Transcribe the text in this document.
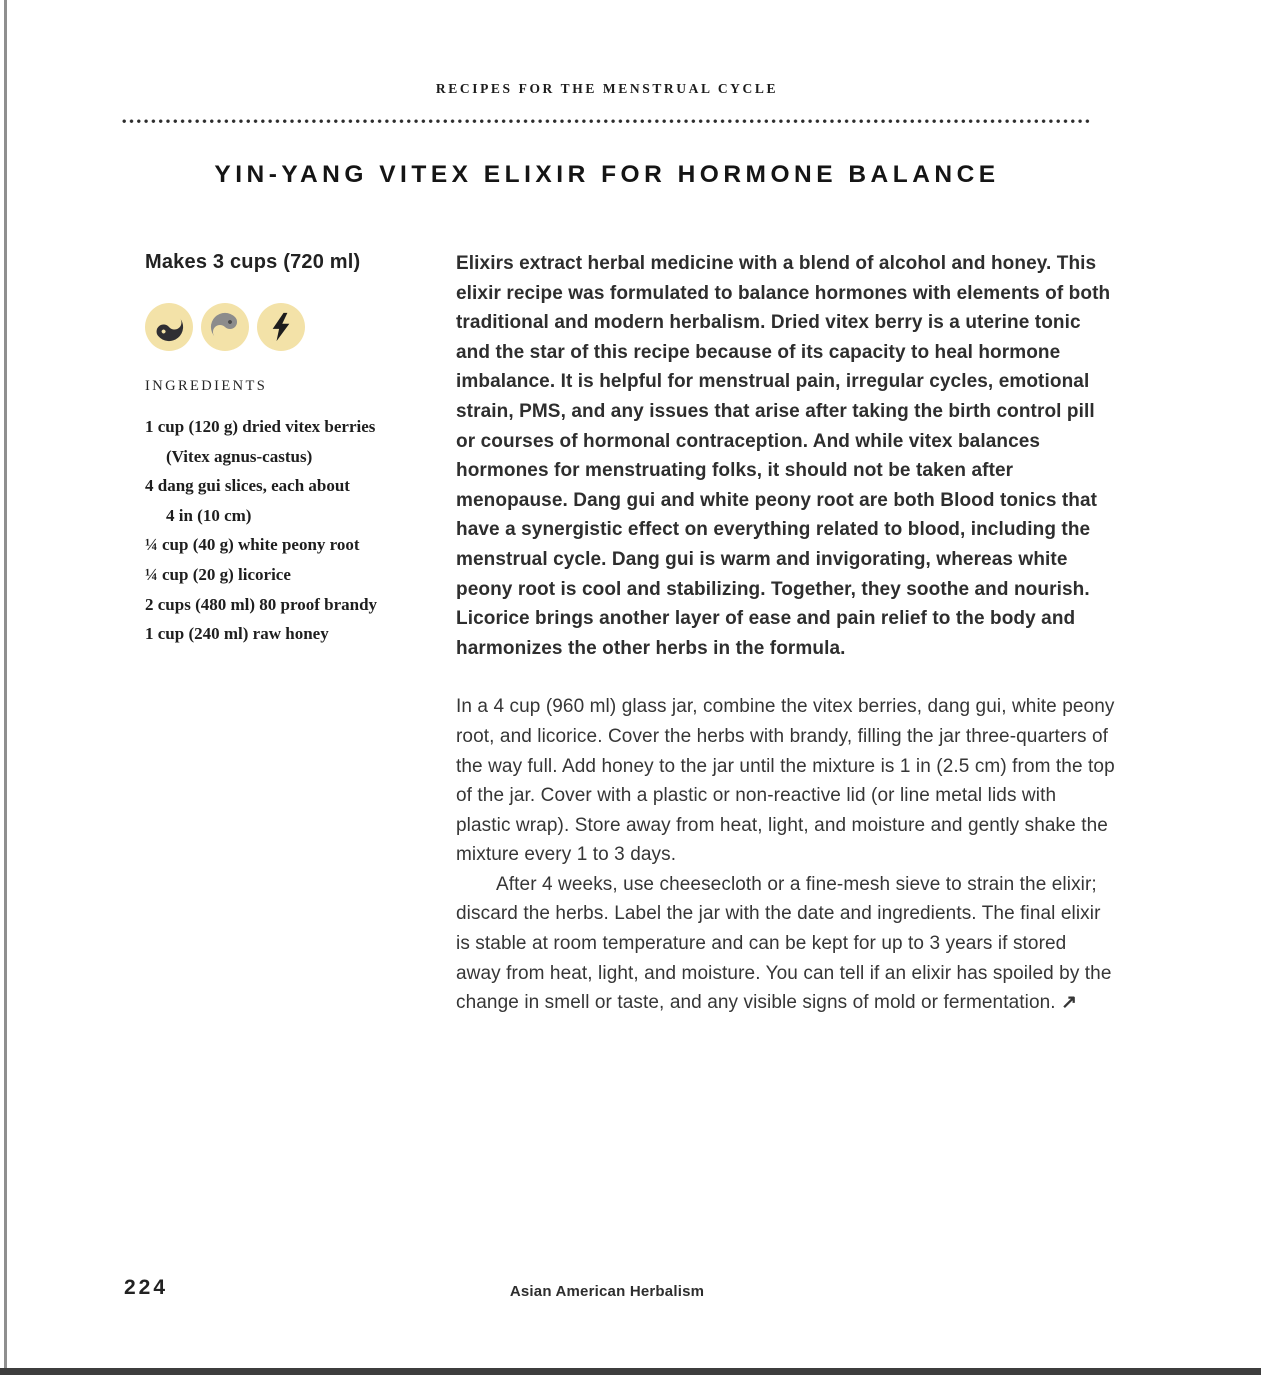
RECIPES FOR THE MENSTRUAL CYCLE
YIN-YANG VITEX ELIXIR FOR HORMONE BALANCE
Makes 3 cups (720 ml)
INGREDIENTS
1 cup (120 g) dried vitex berries
(Vitex agnus-castus)
4 dang gui slices, each about
4 in (10 cm)
¼ cup (40 g) white peony root
¼ cup (20 g) licorice
2 cups (480 ml) 80 proof brandy
1 cup (240 ml) raw honey

Elixirs extract herbal medicine with a blend of alcohol and honey. This elixir recipe was formulated to balance hormones with elements of both traditional and modern herbalism. Dried vitex berry is a uterine tonic and the star of this recipe because of its capacity to heal hormone imbalance. It is helpful for menstrual pain, irregular cycles, emotional strain, PMS, and any issues that arise after taking the birth control pill or courses of hormonal contraception. And while vitex balances hormones for menstruating folks, it should not be taken after menopause. Dang gui and white peony root are both Blood tonics that have a synergistic effect on everything related to blood, including the menstrual cycle. Dang gui is warm and invigorating, whereas white peony root is cool and stabilizing. Together, they soothe and nourish. Licorice brings another layer of ease and pain relief to the body and harmonizes the other herbs in the formula.

In a 4 cup (960 ml) glass jar, combine the vitex berries, dang gui, white peony root, and licorice. Cover the herbs with brandy, filling the jar three-quarters of the way full. Add honey to the jar until the mixture is 1 in (2.5 cm) from the top of the jar. Cover with a plastic or non-reactive lid (or line metal lids with plastic wrap). Store away from heat, light, and moisture and gently shake the mixture every 1 to 3 days.

After 4 weeks, use cheesecloth or a fine-mesh sieve to strain the elixir; discard the herbs. Label the jar with the date and ingredients. The final elixir is stable at room temperature and can be kept for up to 3 years if stored away from heat, light, and moisture. You can tell if an elixir has spoiled by the change in smell or taste, and any visible signs of mold or fermentation. ↗

224	Asian American Herbalism
